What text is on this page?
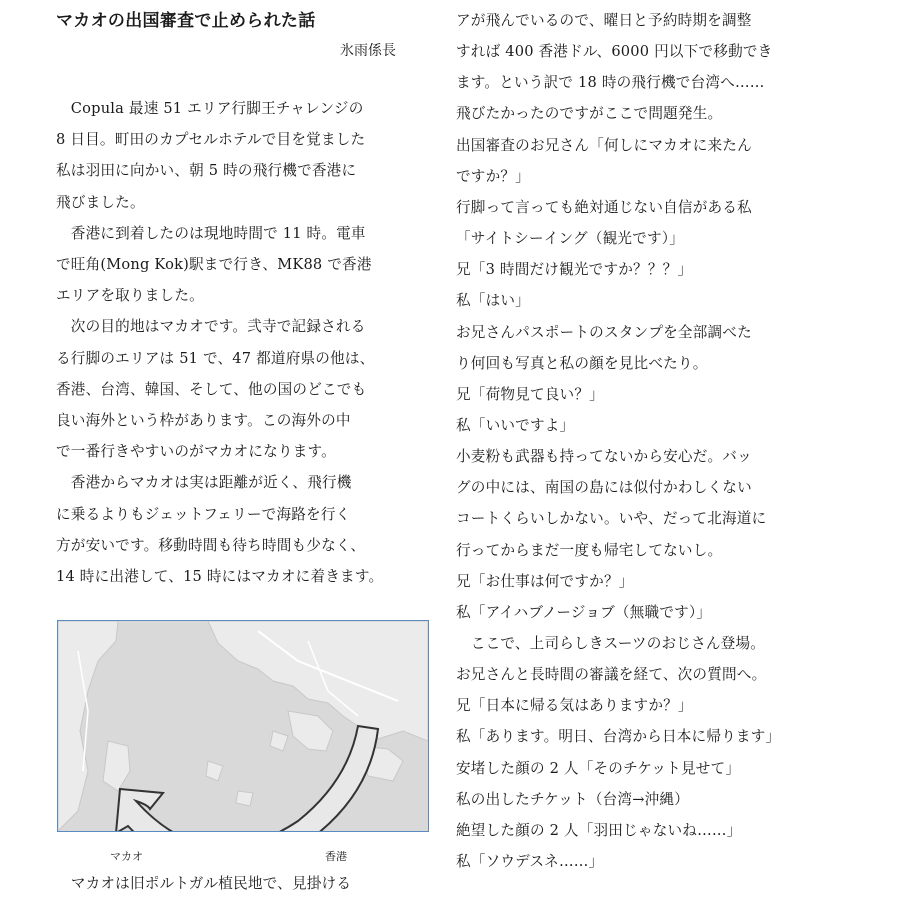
マカオの出国審査で止められた話
氷雨係長
　Copula 最速 51 エリア行脚王チャレンジの
8 日目。町田のカプセルホテルで目を覚ました
私は羽田に向かい、朝 5 時の飛行機で香港に
飛びました。
　香港に到着したのは現地時間で 11 時。電車
で旺角(Mong Kok)駅まで行き、MK88 で香港
エリアを取りました。
　次の目的地はマカオです。弐寺で記録される
る行脚のエリアは 51 で、47 都道府県の他は、
香港、台湾、韓国、そして、他の国のどこでも
良い海外という枠があります。この海外の中
で一番行きやすいのがマカオになります。
　香港からマカオは実は距離が近く、飛行機
に乗るよりもジェットフェリーで海路を行く
方が安いです。移動時間も待ち時間も少なく、
14 時に出港して、15 時にはマカオに着きます。
アが飛んでいるので、曜日と予約時期を調整
すれば 400 香港ドル、6000 円以下で移動でき
ます。という訳で 18 時の飛行機で台湾へ……
飛びたかったのですがここで問題発生。
出国審査のお兄さん「何しにマカオに来たん
ですか？」
行脚って言っても絶対通じない自信がある私
「サイトシーイング（観光です）」
兄「3 時間だけ観光ですか？？？」
私「はい」
お兄さんパスポートのスタンプを全部調べた
り何回も写真と私の顔を見比べたり。
兄「荷物見て良い？」
私「いいですよ」
小麦粉も武器も持ってないから安心だ。バッ
グの中には、南国の島には似付かわしくない
コートくらいしかない。いや、だって北海道に
行ってからまだ一度も帰宅してないし。
兄「お仕事は何ですか？」
私「アイハブノージョブ（無職です）」
　ここで、上司らしきスーツのおじさん登場。
お兄さんと長時間の審議を経て、次の質問へ。
兄「日本に帰る気はありますか？」
私「あります。明日、台湾から日本に帰ります」
安堵した顔の 2 人「そのチケット見せて」
私の出したチケット（台湾→沖縄）
絶望した顔の 2 人「羽田じゃないね……」
私「ソウデスネ……」
マカオ	香港
　マカオは旧ポルトガル植民地で、見掛ける
